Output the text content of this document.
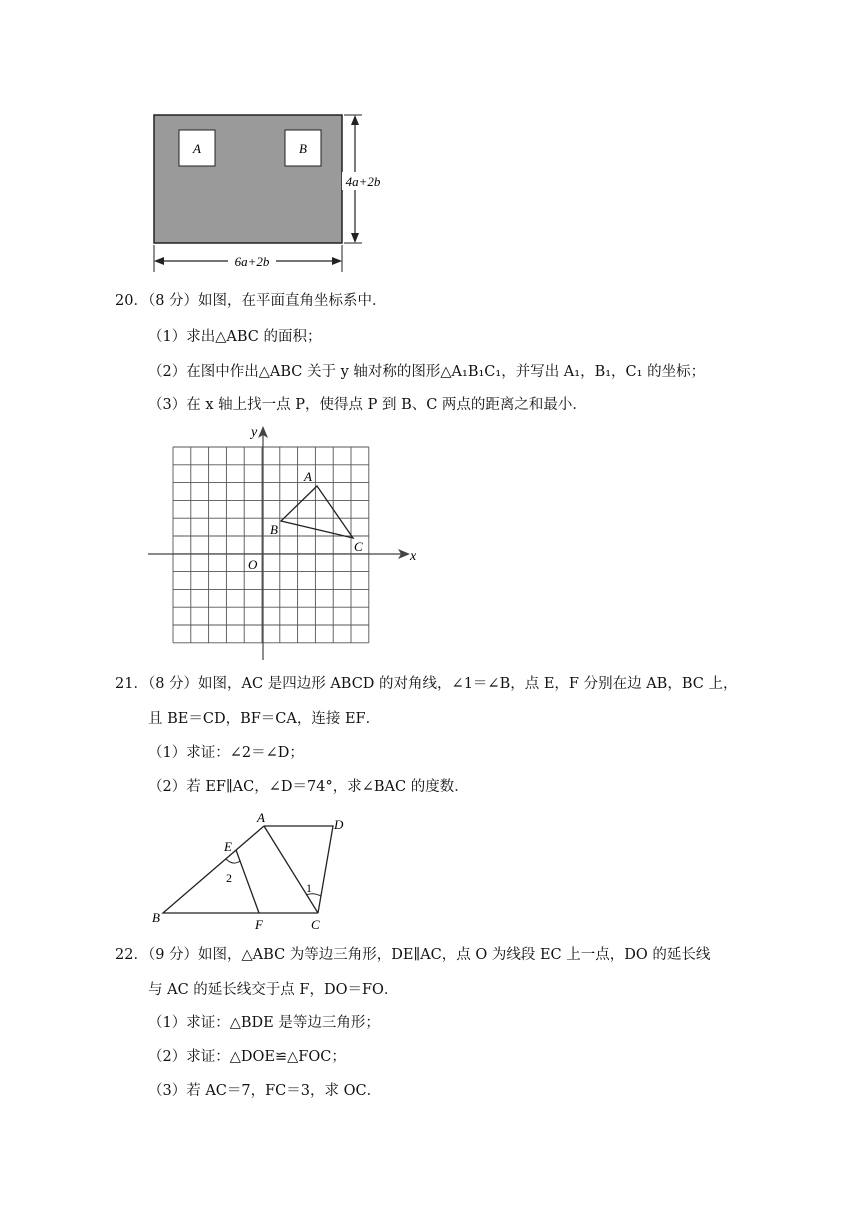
A	B
4a+2b
6a+2b
20．（8 分）如图，在平面直角坐标系中．
（1）求出△ABC 的面积；
（2）在图中作出△ABC 关于 y 轴对称的图形△A₁B₁C₁，并写出 A₁，B₁，C₁ 的坐标；
（3）在 x 轴上找一点 P，使得点 P 到 B、C 两点的距离之和最小．
y
x
O
A
B
C
21．（8 分）如图，AC 是四边形 ABCD 的对角线，∠1＝∠B，点 E，F 分别在边 AB，BC 上，
且 BE＝CD，BF＝CA，连接 EF．
（1）求证：∠2＝∠D；
（2）若 EF∥AC，∠D＝74°，求∠BAC 的度数．
A	D
E
2
1
B	F	C
22．（9 分）如图，△ABC 为等边三角形，DE∥AC，点 O 为线段 EC 上一点，DO 的延长线
与 AC 的延长线交于点 F，DO＝FO．
（1）求证：△BDE 是等边三角形；
（2）求证：△DOE≌△FOC；
（3）若 AC＝7，FC＝3，求 OC．
